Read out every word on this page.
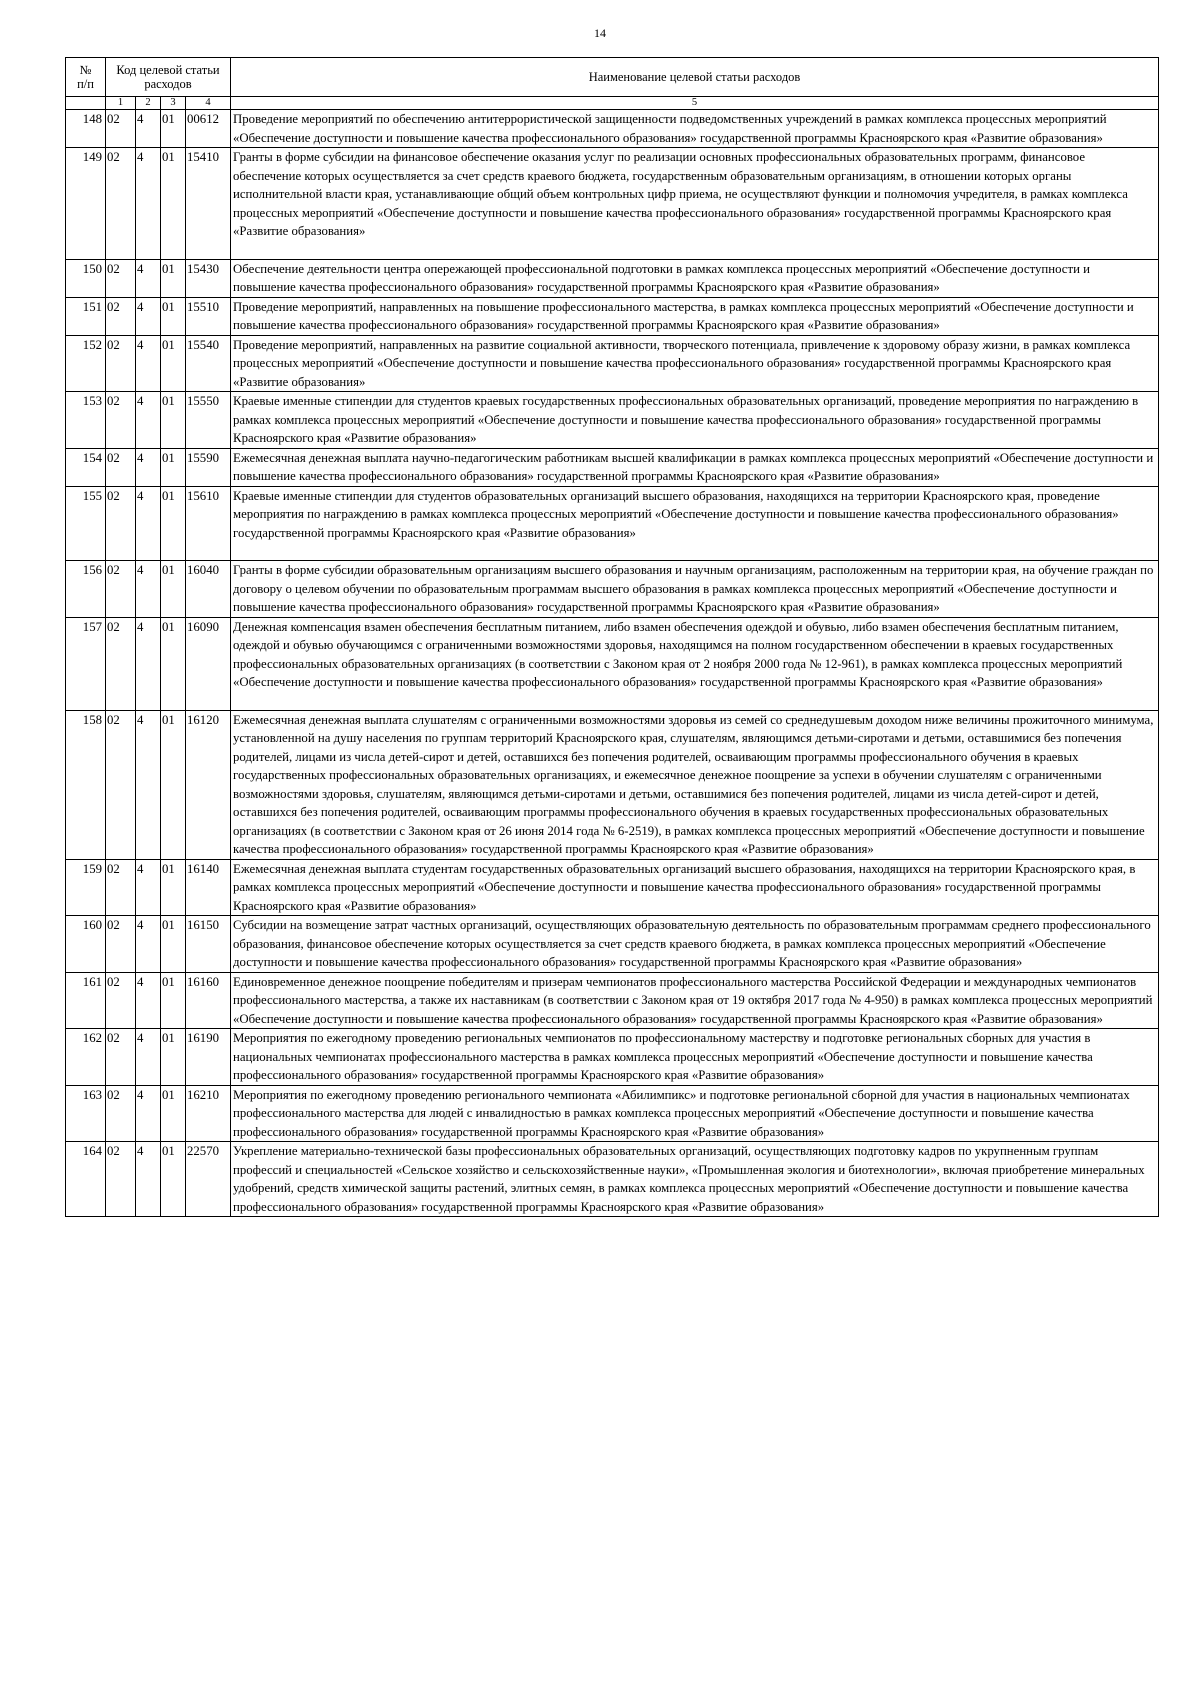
14
№
п/п	Код целевой статьи расходов				Наименование целевой статьи расходов

	1	2	3	4	5
148	02	4	01	00612	Проведение мероприятий по обеспечению антитеррористической защищенности подведомственных учреждений в рамках комплекса процессных мероприятий «Обеспечение доступности и повышение качества профессионального образования» государственной программы Красноярского края «Развитие образования»
149	02	4	01	15410	Гранты в форме субсидии на финансовое обеспечение оказания услуг по реализации основных профессиональных образовательных программ, финансовое обеспечение которых осуществляется за счет средств краевого бюджета, государственным образовательным организациям, в отношении которых органы исполнительной власти края, устанавливающие общий объем контрольных цифр приема, не осуществляют функции и полномочия учредителя, в рамках комплекса процессных мероприятий «Обеспечение доступности и повышение качества профессионального образования» государственной программы Красноярского края «Развитие образования»
150	02	4	01	15430	Обеспечение деятельности центра опережающей профессиональной подготовки в рамках комплекса процессных мероприятий «Обеспечение доступности и повышение качества профессионального образования» государственной программы Красноярского края «Развитие образования»
151	02	4	01	15510	Проведение мероприятий, направленных на повышение профессионального мастерства, в рамках комплекса процессных мероприятий «Обеспечение доступности и повышение качества профессионального образования» государственной программы Красноярского края «Развитие образования»
152	02	4	01	15540	Проведение мероприятий, направленных на развитие социальной активности, творческого потенциала, привлечение к здоровому образу жизни, в рамках комплекса процессных мероприятий «Обеспечение доступности и повышение качества профессионального образования» государственной программы Красноярского края «Развитие образования»
153	02	4	01	15550	Краевые именные стипендии для студентов краевых государственных профессиональных образовательных организаций, проведение мероприятия по награждению в рамках комплекса процессных мероприятий «Обеспечение доступности и повышение качества профессионального образования» государственной программы Красноярского края «Развитие образования»
154	02	4	01	15590	Ежемесячная денежная выплата научно-педагогическим работникам высшей квалификации в рамках комплекса процессных мероприятий «Обеспечение доступности и повышение качества профессионального образования» государственной программы Красноярского края «Развитие образования»
155	02	4	01	15610	Краевые именные стипендии для студентов образовательных организаций высшего образования, находящихся на территории Красноярского края, проведение мероприятия по награждению в рамках комплекса процессных мероприятий «Обеспечение доступности и повышение качества профессионального образования» государственной программы Красноярского края «Развитие образования»
156	02	4	01	16040	Гранты в форме субсидии образовательным организациям высшего образования и научным организациям, расположенным на территории края, на обучение граждан по договору о целевом обучении по образовательным программам высшего образования в рамках комплекса процессных мероприятий «Обеспечение доступности и повышение качества профессионального образования» государственной программы Красноярского края «Развитие образования»
157	02	4	01	16090	Денежная компенсация взамен обеспечения бесплатным питанием, либо взамен обеспечения одеждой и обувью, либо взамен обеспечения бесплатным питанием, одеждой и обувью обучающимся с ограниченными возможностями здоровья, находящимся на полном государственном обеспечении в краевых государственных профессиональных образовательных организациях (в соответствии с Законом края от 2 ноября 2000 года № 12-961), в рамках комплекса процессных мероприятий «Обеспечение доступности и повышение качества профессионального образования» государственной программы Красноярского края «Развитие образования»
158	02	4	01	16120	Ежемесячная денежная выплата слушателям с ограниченными возможностями здоровья из семей со среднедушевым доходом ниже величины прожиточного минимума, установленной на душу населения по группам территорий Красноярского края, слушателям, являющимся детьми-сиротами и детьми, оставшимися без попечения родителей, лицами из числа детей-сирот и детей, оставшихся без попечения родителей, осваивающим программы профессионального обучения в краевых государственных профессиональных образовательных организациях, и ежемесячное денежное поощрение за успехи в обучении слушателям с ограниченными возможностями здоровья, слушателям, являющимся детьми-сиротами и детьми, оставшимися без попечения родителей, лицами из числа детей-сирот и детей, оставшихся без попечения родителей, осваивающим программы профессионального обучения в краевых государственных профессиональных образовательных организациях (в соответствии с Законом края от 26 июня 2014 года № 6-2519), в рамках комплекса процессных мероприятий «Обеспечение доступности и повышение качества профессионального образования» государственной программы Красноярского края «Развитие образования»
159	02	4	01	16140	Ежемесячная денежная выплата студентам государственных образовательных организаций высшего образования, находящихся на территории Красноярского края, в рамках комплекса процессных мероприятий «Обеспечение доступности и повышение качества профессионального образования» государственной программы Красноярского края «Развитие образования»
160	02	4	01	16150	Субсидии на возмещение затрат частных организаций, осуществляющих образовательную деятельность по образовательным программам среднего профессионального образования, финансовое обеспечение которых осуществляется за счет средств краевого бюджета, в рамках комплекса процессных мероприятий «Обеспечение доступности и повышение качества профессионального образования» государственной программы Красноярского края «Развитие образования»
161	02	4	01	16160	Единовременное денежное поощрение победителям и призерам чемпионатов профессионального мастерства Российской Федерации и международных чемпионатов профессионального мастерства, а также их наставникам (в соответствии с Законом края от 19 октября 2017 года № 4-950) в рамках комплекса процессных мероприятий «Обеспечение доступности и повышение качества профессионального образования» государственной программы Красноярского края «Развитие образования»
162	02	4	01	16190	Мероприятия по ежегодному проведению региональных чемпионатов по профессиональному мастерству и подготовке региональных сборных для участия в национальных чемпионатах профессионального мастерства в рамках комплекса процессных мероприятий «Обеспечение доступности и повышение качества профессионального образования» государственной программы Красноярского края «Развитие образования»
163	02	4	01	16210	Мероприятия по ежегодному проведению регионального чемпионата «Абилимпикс» и подготовке региональной сборной для участия в национальных чемпионатах профессионального мастерства для людей с инвалидностью в рамках комплекса процессных мероприятий «Обеспечение доступности и повышение качества профессионального образования» государственной программы Красноярского края «Развитие образования»
164	02	4	01	22570	Укрепление материально-технической базы профессиональных образовательных организаций, осуществляющих подготовку кадров по укрупненным группам профессий и специальностей «Сельское хозяйство и сельскохозяйственные науки», «Промышленная экология и биотехнологии», включая приобретение минеральных удобрений, средств химической защиты растений, элитных семян, в рамках комплекса процессных мероприятий «Обеспечение доступности и повышение качества профессионального образования» государственной программы Красноярского края «Развитие образования»
